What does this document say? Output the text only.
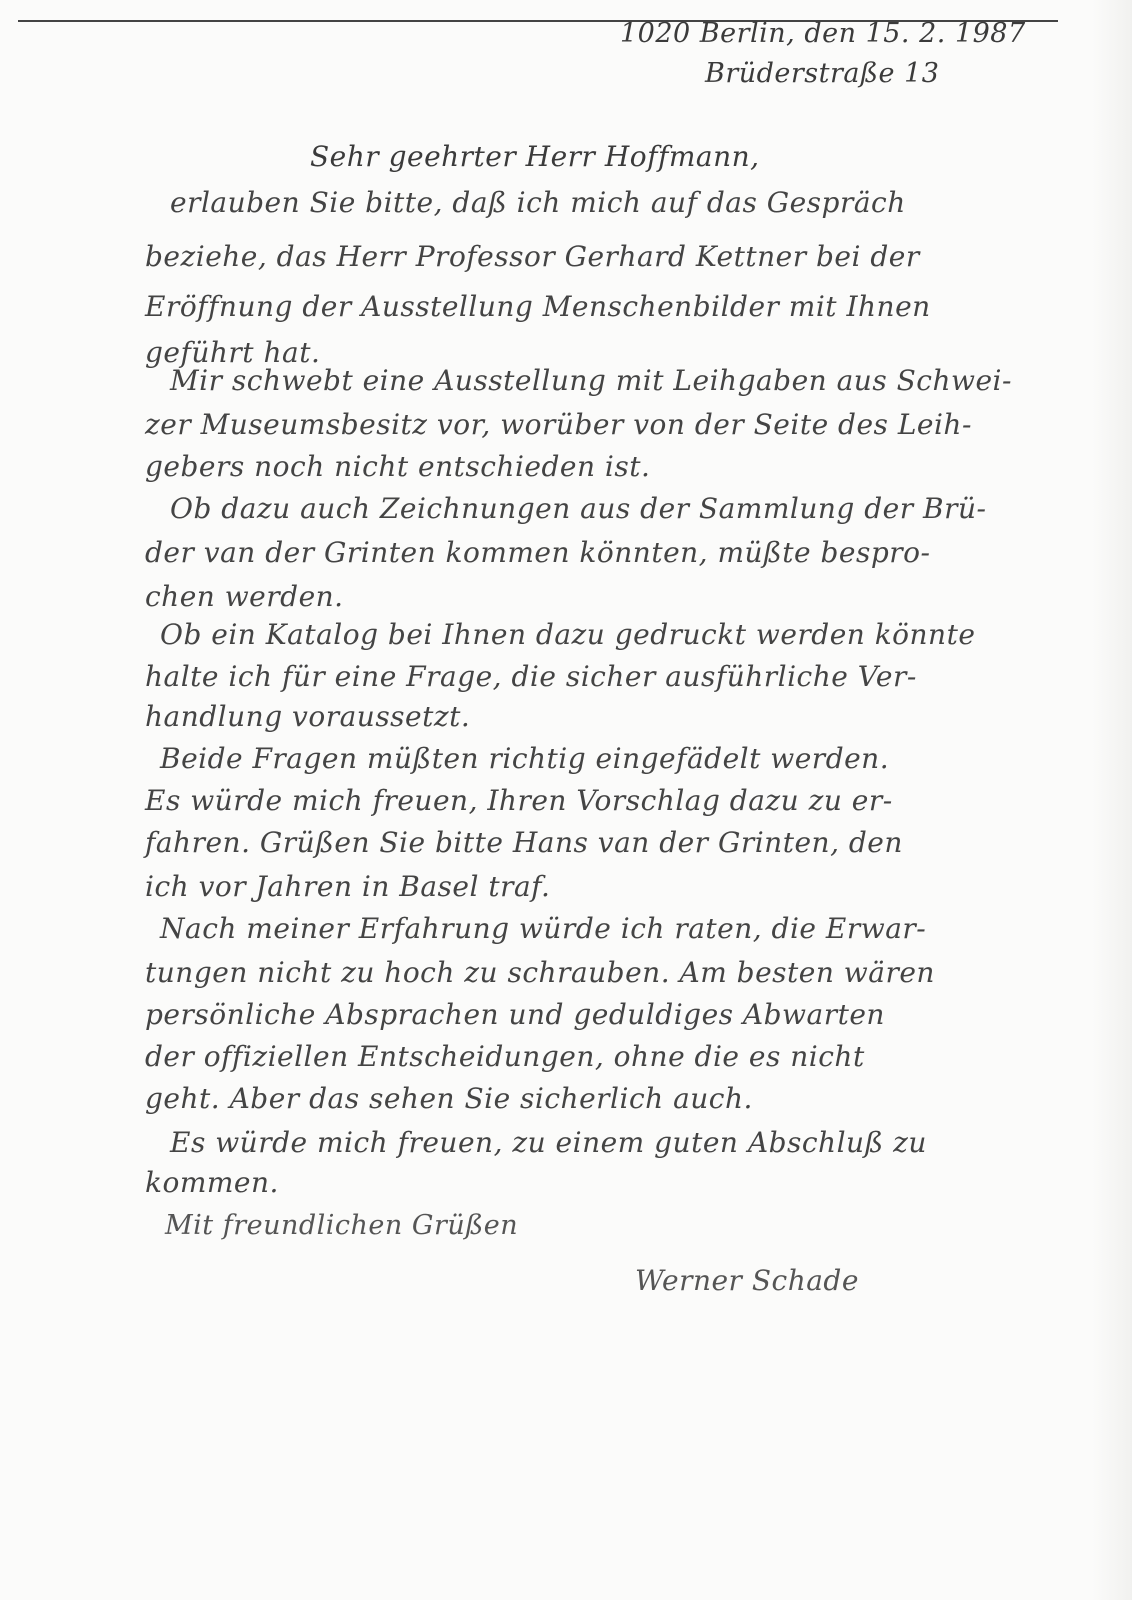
1020 Berlin, den 15. 2. 1987
Brüderstraße 13
Sehr geehrter Herr Hoffmann,
erlauben Sie bitte, daß ich mich auf das Gespräch
beziehe, das Herr Professor Gerhard Kettner bei der
Eröffnung der Ausstellung Menschenbilder mit Ihnen
geführt hat.
Mir schwebt eine Ausstellung mit Leihgaben aus Schwei-
zer Museumsbesitz vor, worüber von der Seite des Leih-
gebers noch nicht entschieden ist.
Ob dazu auch Zeichnungen aus der Sammlung der Brü-
der van der Grinten kommen könnten, müßte bespro-
chen werden.
Ob ein Katalog bei Ihnen dazu gedruckt werden könnte
halte ich für eine Frage, die sicher ausführliche Ver-
handlung voraussetzt.
Beide Fragen müßten richtig eingefädelt werden.
Es würde mich freuen, Ihren Vorschlag dazu zu er-
fahren. Grüßen Sie bitte Hans van der Grinten, den
ich vor Jahren in Basel traf.
Nach meiner Erfahrung würde ich raten, die Erwar-
tungen nicht zu hoch zu schrauben. Am besten wären
persönliche Absprachen und geduldiges Abwarten
der offiziellen Entscheidungen, ohne die es nicht
geht. Aber das sehen Sie sicherlich auch.
Es würde mich freuen, zu einem guten Abschluß zu
kommen.
Mit freundlichen Grüßen
Werner Schade
